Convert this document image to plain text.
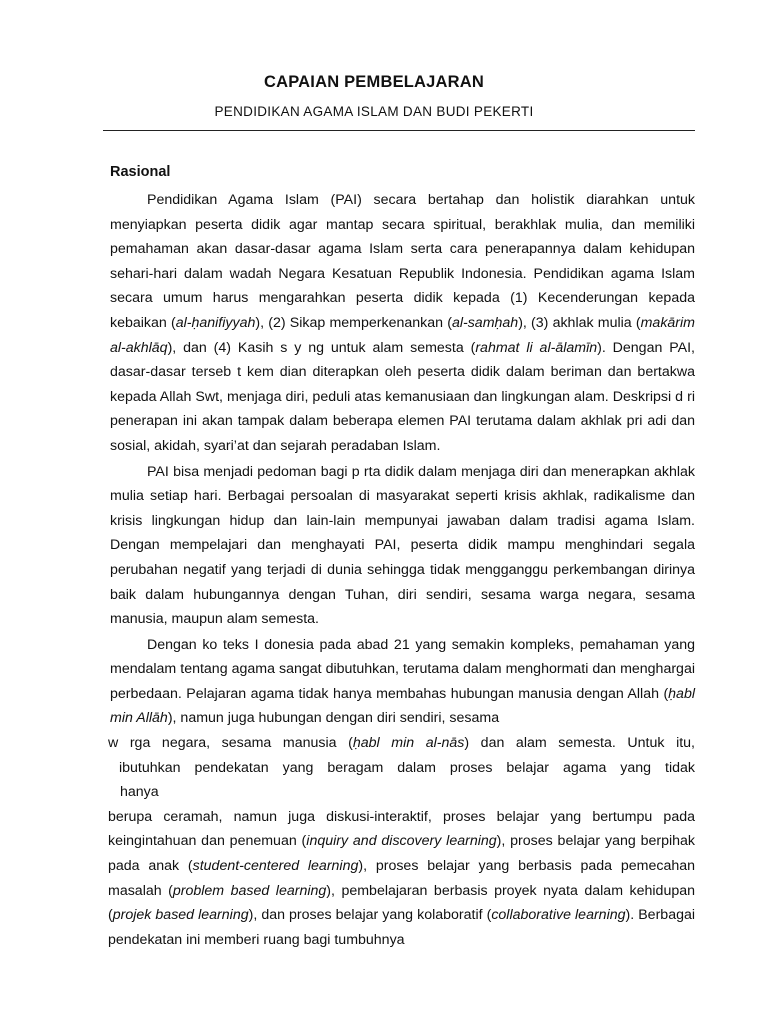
CAPAIAN PEMBELAJARAN
PENDIDIKAN AGAMA ISLAM DAN BUDI PEKERTI
Rasional

Pendidikan Agama Islam (PAI) secara bertahap dan holistik diarahkan untuk menyiapkan peserta didik agar mantap secara spiritual, berakhlak mulia, dan memiliki pemahaman akan dasar-dasar agama Islam serta cara penerapannya dalam kehidupan sehari-hari dalam wadah Negara Kesatuan Republik Indonesia. Pendidikan agama Islam secara umum harus mengarahkan peserta didik kepada (1) Kecenderungan kepada kebaikan (al-ḥanifiyyah), (2) Sikap memperkenankan (al-samḥah), (3) akhlak mulia (makārim al-akhlāq), dan (4) Kasih s y ng untuk alam semesta (rahmat li al-ālamīn). Dengan PAI, dasar-dasar terseb t kem dian diterapkan oleh peserta didik dalam beriman dan bertakwa kepada Allah Swt, menjaga diri, peduli atas kemanusiaan dan lingkungan alam. Deskripsi d ri penerapan ini akan tampak dalam beberapa elemen PAI terutama dalam akhlak pri adi dan sosial, akidah, syari’at dan sejarah peradaban Islam.

PAI bisa menjadi pedoman bagi p rta didik dalam menjaga diri dan menerapkan akhlak mulia setiap hari. Berbagai persoalan di masyarakat seperti krisis akhlak, radikalisme dan krisis lingkungan hidup dan lain-lain mempunyai jawaban dalam tradisi agama Islam. Dengan mempelajari dan menghayati PAI, peserta didik mampu menghindari segala perubahan negatif yang terjadi di dunia sehingga tidak mengganggu perkembangan dirinya baik dalam hubungannya dengan Tuhan, diri sendiri, sesama warga negara, sesama manusia, maupun alam semesta.

Dengan ko teks I donesia pada abad 21 yang semakin kompleks, pemahaman yang mendalam tentang agama sangat dibutuhkan, terutama dalam menghormati dan menghargai perbedaan. Pelajaran agama tidak hanya membahas hubungan manusia dengan Allah (ḥabl min Allāh), namun juga hubungan dengan diri sendiri, sesama

w rga negara, sesama manusia (ḥabl min al-nās) dan alam semesta. Untuk itu,

ibutuhkan pendekatan yang beragam dalam proses belajar agama yang tidak

hanya

berupa ceramah, namun juga diskusi-interaktif, proses belajar yang bertumpu pada keingintahuan dan penemuan (inquiry and discovery learning), proses belajar yang berpihak pada anak (student-centered learning), proses belajar yang berbasis pada pemecahan masalah (problem based learning), pembelajaran berbasis proyek nyata dalam kehidupan (projek based learning), dan proses belajar yang kolaboratif (collaborative learning). Berbagai pendekatan ini memberi ruang bagi tumbuhnya
